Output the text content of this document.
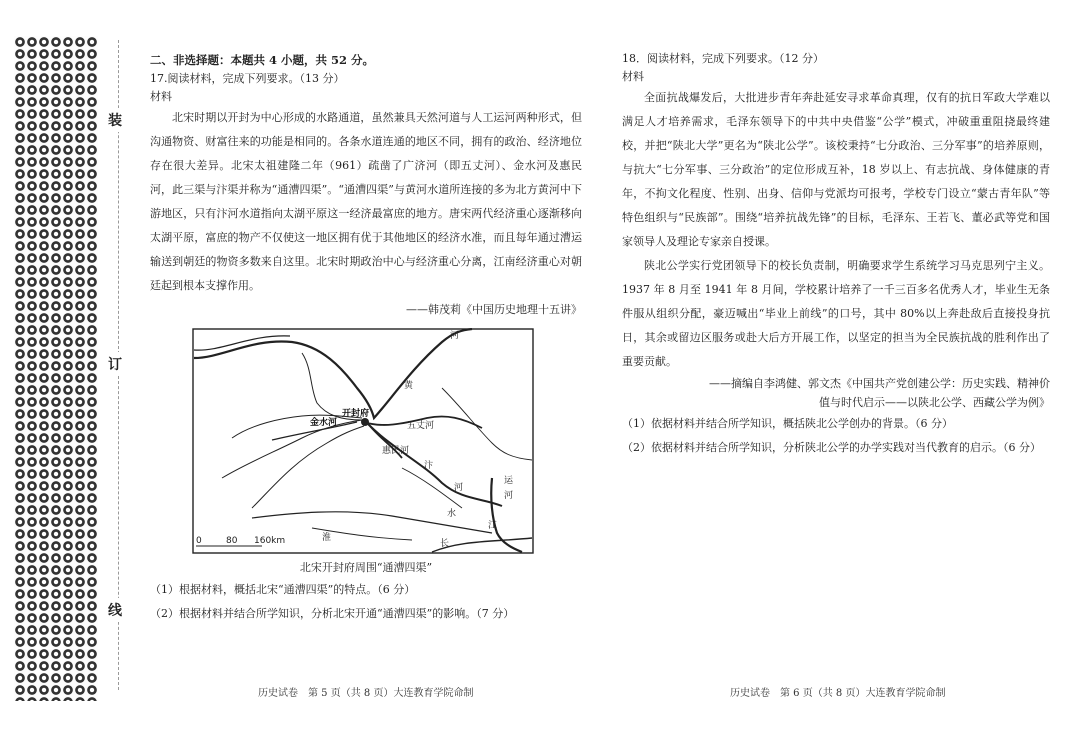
装
订
线
二、非选择题：本题共 4 小题，共 52 分。
17.阅读材料，完成下列要求。（13 分）
材料

北宋时期以开封为中心形成的水路通道，虽然兼具天然河道与人工运河两种形式，但沟通物资、财富往来的功能是相同的。各条水道连通的地区不同，拥有的政治、经济地位存在很大差异。北宋太祖建隆二年（961）疏凿了广济河（即五丈河）、金水河及惠民河，此三渠与汴渠并称为“通漕四渠”。“通漕四渠”与黄河水道所连接的多为北方黄河中下游地区，只有汴河水道指向太湖平原这一经济最富庶的地方。唐宋两代经济重心逐渐移向太湖平原，富庶的物产不仅使这一地区拥有优于其他地区的经济水准，而且每年通过漕运输送到朝廷的物资多数来自这里。北宋时期政治中心与经济重心分离，江南经济重心对朝廷起到根本支撑作用。

——韩茂莉《中国历史地理十五讲》

河
黄
金水河
开封府
五丈河
惠民河
汴
河
运
河
水
淮
江
长
0	80 160km
北宋开封府周围“通漕四渠”

（1）根据材料，概括北宋“通漕四渠”的特点。（6 分）

（2）根据材料并结合所学知识，分析北宋开通“通漕四渠”的影响。（7 分）

18．阅读材料，完成下列要求。（12 分）
材料

全面抗战爆发后，大批进步青年奔赴延安寻求革命真理，仅有的抗日军政大学难以满足人才培养需求，毛泽东领导下的中共中央借鉴“公学”模式，冲破重重阻挠最终建校，并把“陕北大学”更名为“陕北公学”。该校秉持“七分政治、三分军事”的培养原则，与抗大“七分军事、三分政治”的定位形成互补，18 岁以上、有志抗战、身体健康的青年，不拘文化程度、性别、出身、信仰与党派均可报考，学校专门设立“蒙古青年队”等特色组织与“民族部”。围绕“培养抗战先锋”的目标，毛泽东、王若飞、董必武等党和国家领导人及理论专家亲自授课。

陕北公学实行党团领导下的校长负责制，明确要求学生系统学习马克思列宁主义。1937 年 8 月至 1941 年 8 月间，学校累计培养了一千三百多名优秀人才，毕业生无条件服从组织分配，豪迈喊出“毕业上前线”的口号，其中 80%以上奔赴敌后直接投身抗日，其余或留边区服务或赴大后方开展工作，以坚定的担当为全民族抗战的胜利作出了重要贡献。

——摘编自李鸿健、郭文杰《中国共产党创建公学：历史实践、精神价

值与时代启示——以陕北公学、西藏公学为例》

（1）依据材料并结合所学知识，概括陕北公学创办的背景。（6 分）

（2）依据材料并结合所学知识，分析陕北公学的办学实践对当代教育的启示。（6 分）

历史试卷　第 5 页（共 8 页）大连教育学院命制	历史试卷　第 6 页（共 8 页）大连教育学院命制
